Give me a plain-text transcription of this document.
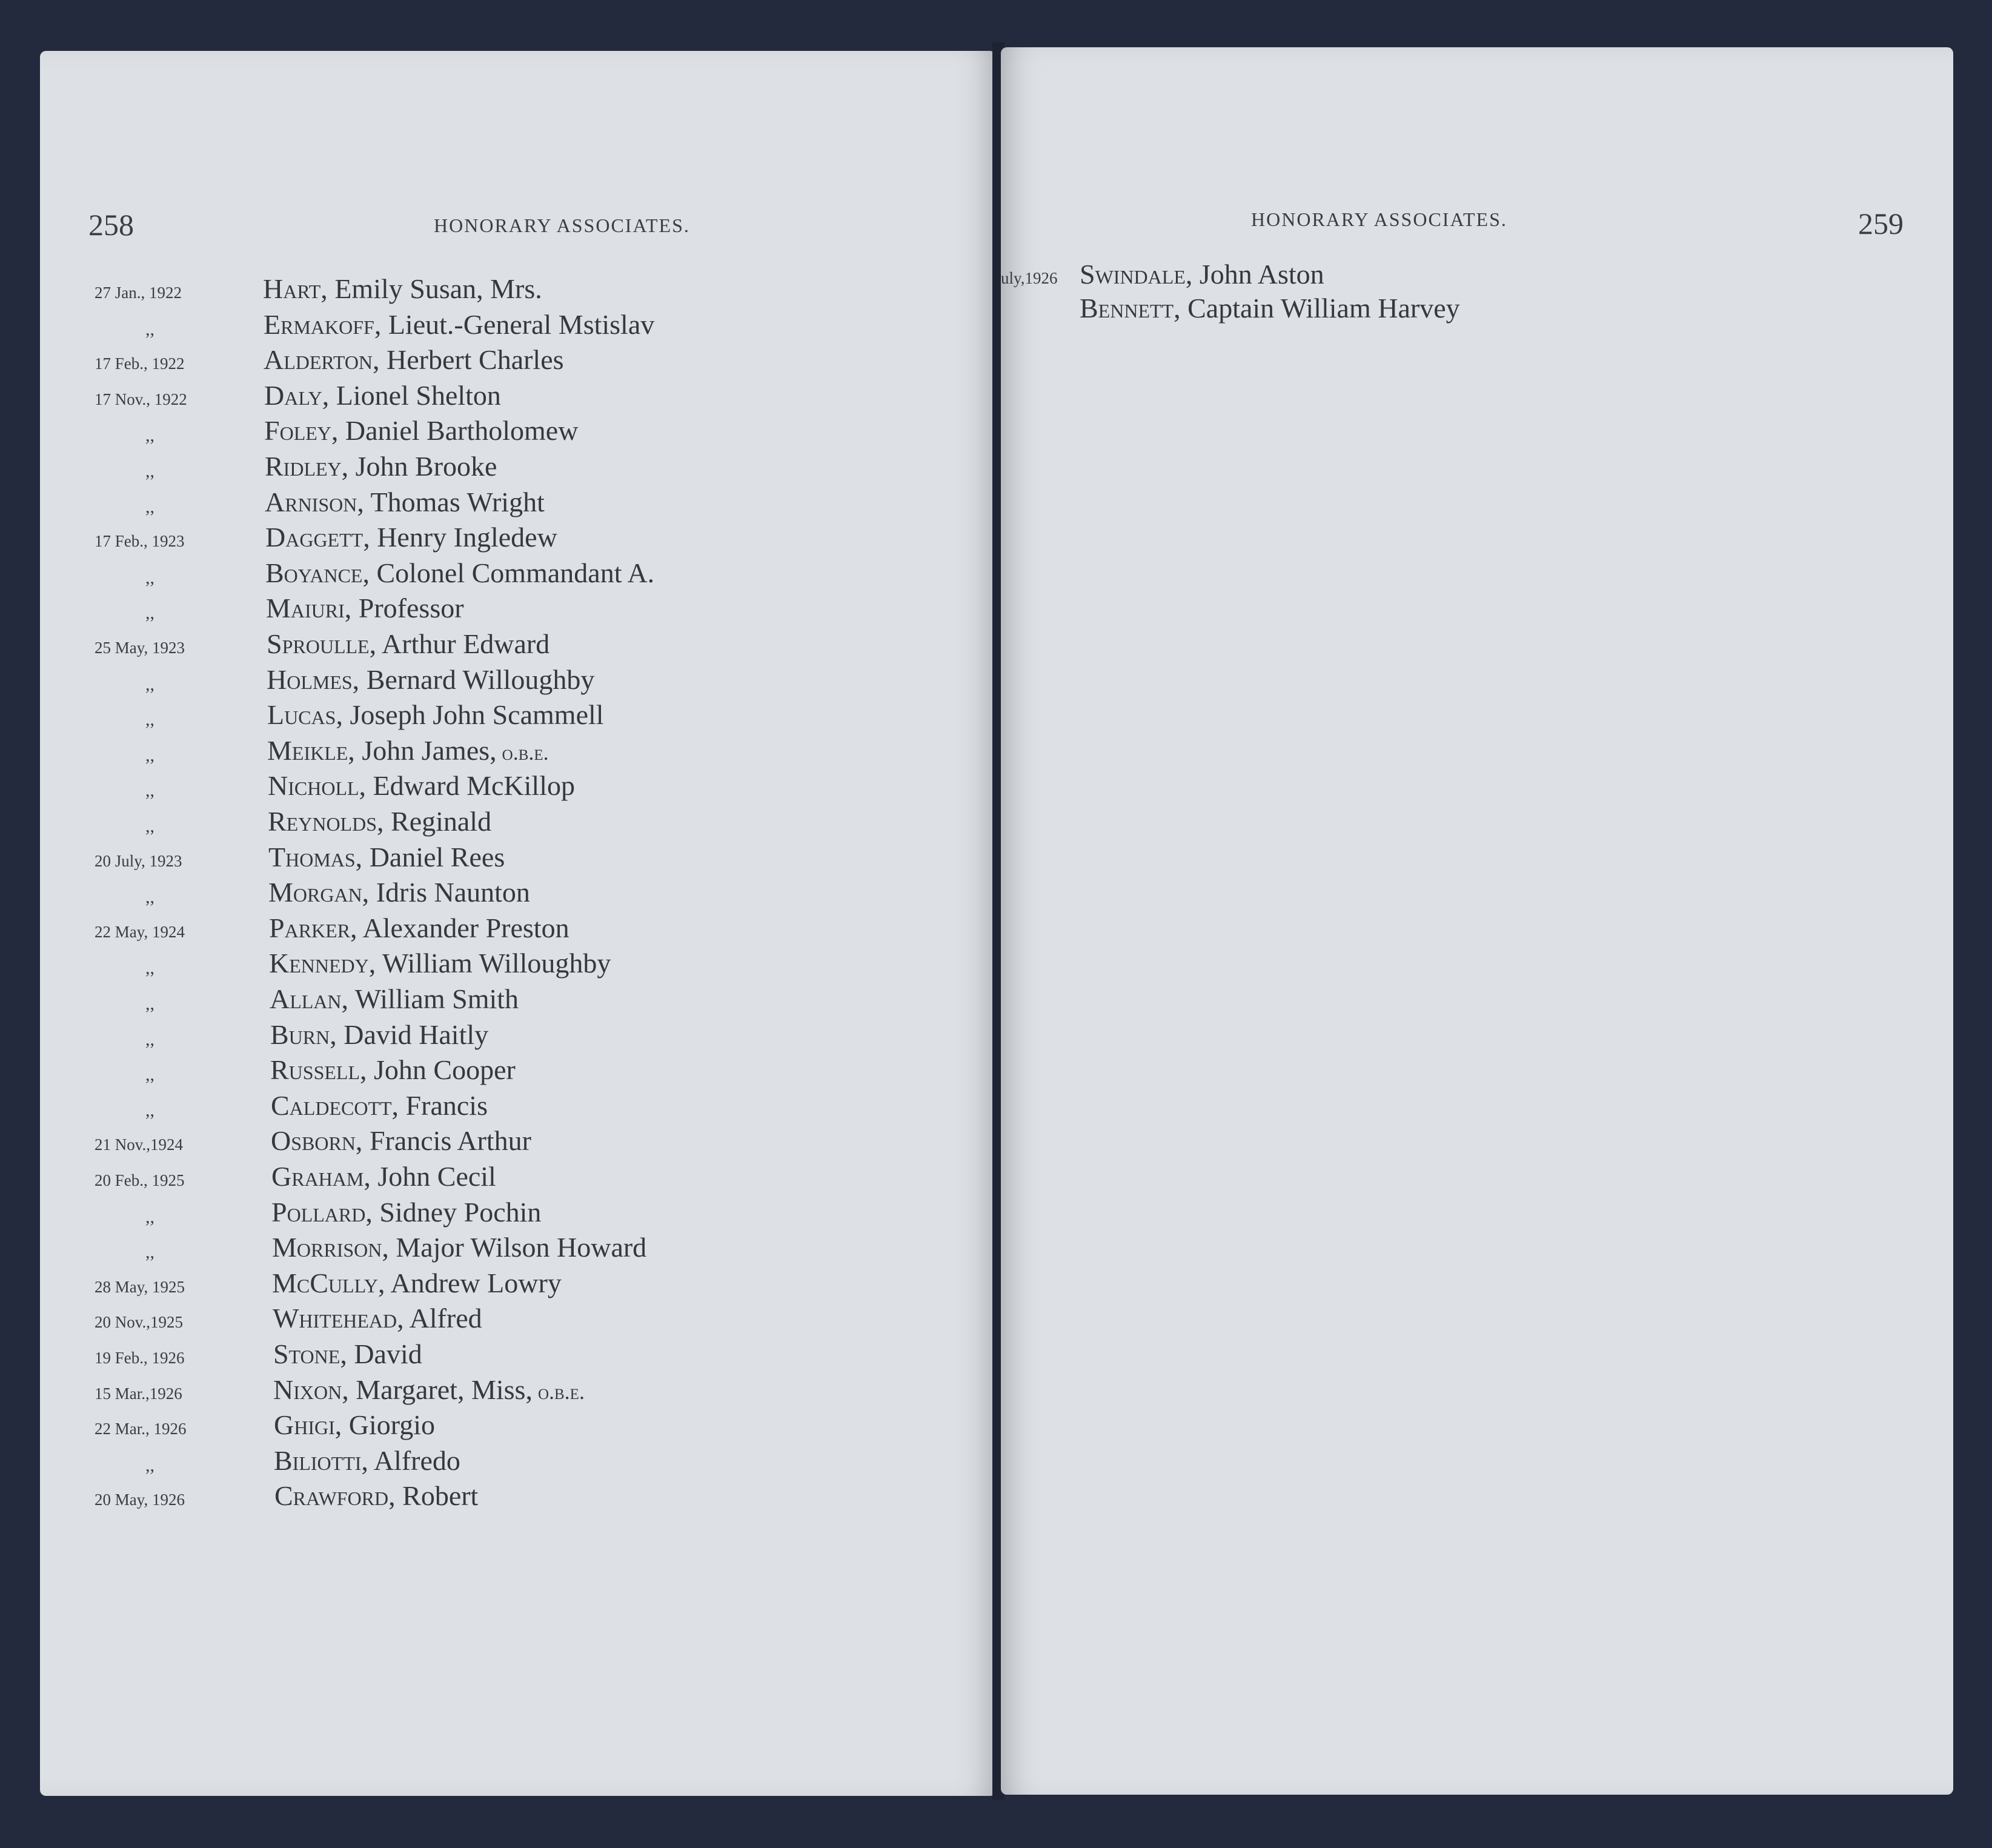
258	HONORARY ASSOCIATES.
27 Jan., 1922	Hart, Emily Susan, Mrs.
,,	Ermakoff, Lieut.-General Mstislav
17 Feb., 1922	Alderton, Herbert Charles
17 Nov., 1922	Daly, Lionel Shelton
,,	Foley, Daniel Bartholomew
,,	Ridley, John Brooke
,,	Arnison, Thomas Wright
17 Feb., 1923	Daggett, Henry Ingledew
,,	Boyance, Colonel Commandant A.
,,	Maiuri, Professor
25 May, 1923	Sproulle, Arthur Edward
,,	Holmes, Bernard Willoughby
,,	Lucas, Joseph John Scammell
,,	Meikle, John James, o.b.e.
,,	Nicholl, Edward McKillop
,,	Reynolds, Reginald
20 July, 1923	Thomas, Daniel Rees
,,	Morgan, Idris Naunton
22 May, 1924	Parker, Alexander Preston
,,	Kennedy, William Willoughby
,,	Allan, William Smith
,,	Burn, David Haitly
,,	Russell, John Cooper
,,	Caldecott, Francis
21 Nov.,1924	Osborn, Francis Arthur
20 Feb., 1925	Graham, John Cecil
,,	Pollard, Sidney Pochin
,,	Morrison, Major Wilson Howard
28 May, 1925	McCully, Andrew Lowry
20 Nov.,1925	Whitehead, Alfred
19 Feb., 1926	Stone, David
15 Mar.,1926	Nixon, Margaret, Miss, o.b.e.
22 Mar., 1926	Ghigi, Giorgio
,,	Biliotti, Alfredo
20 May, 1926	Crawford, Robert
HONORARY ASSOCIATES.	259
uly,1926 Swindale, John Aston
Bennett, Captain William Harvey
